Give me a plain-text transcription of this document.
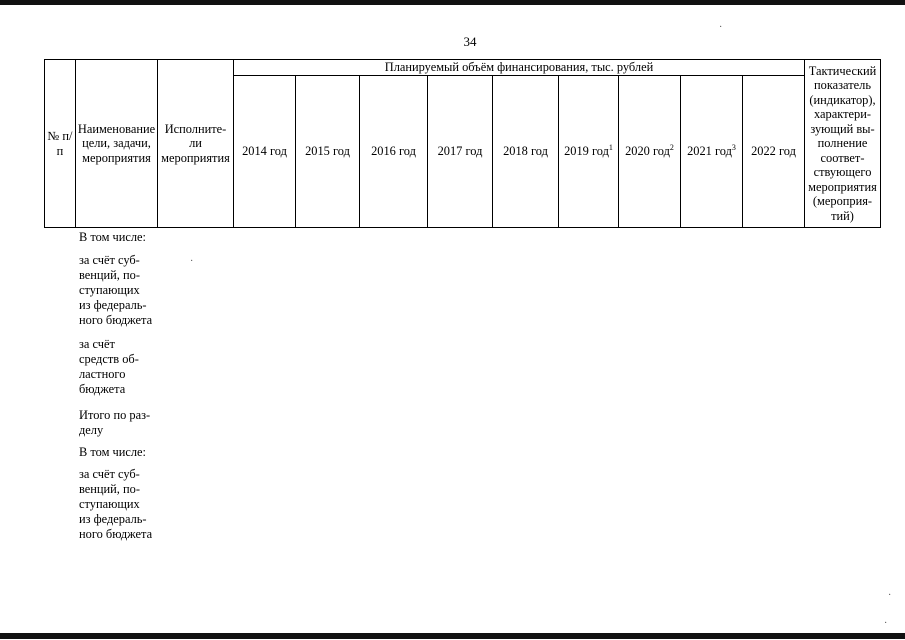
34
№ п/п	Наименование цели, задачи, мероприятия	Исполните- ли мероприятия	Планируемый объём финансирования, тыс. рублей									Тактический показатель (индикатор), характери- зующий вы- полнение соответ- ствующего мероприятия (мероприя- тий)
			2014 год	2015 год	2016 год	2017 год	2018 год	2019 год$^1$	2020 год$^2$	2021 год$^3$	2022 год	
В том числе:
за счёт суб-
венций, по-
ступающих
из федераль-
ного бюджета
за счёт
средств об-
ластного
бюджета
Итого по раз-
делу
В том числе:
за счёт суб-
венций, по-
ступающих
из федераль-
ного бюджета
·
·
·
·
